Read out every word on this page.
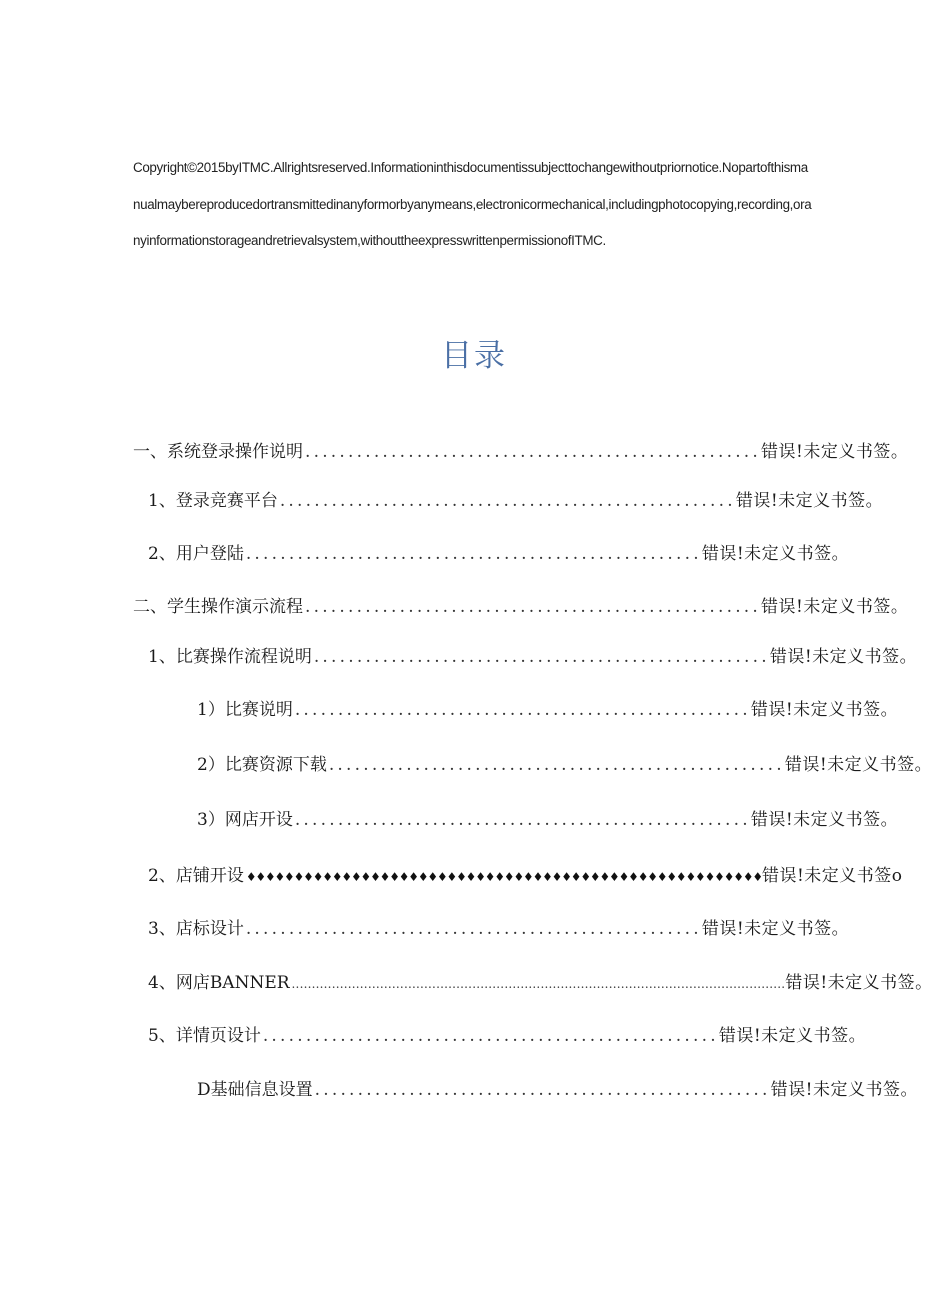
Copyright©2015byITMC.Allrightsreserved.Informationinthisdocumentissubjecttochangewithoutpriornotice.Nopartofthismanualmaybereproducedortransmittedinanyformorbyanymeans,electronicormechanical,includingphotocopying,recording,oranyinformationstorageandretrievalsystem,withouttheexpresswrittenpermissionofITMC.
目录
一、系统登录操作说明 ..................................................... 错误!未定义书签。
1、登录竞赛平台 ..................................................... 错误!未定义书签。
2、用户登陆 ..................................................... 错误!未定义书签。
二、学生操作演示流程 ..................................................... 错误!未定义书签。
1、比赛操作流程说明 ..................................................... 错误!未定义书签。
1）比赛说明 ..................................................... 错误!未定义书签。
2）比赛资源下载 ..................................................... 错误!未定义书签。
3）网店开设 ..................................................... 错误!未定义书签。
2、店铺开设 ♦♦♦♦♦♦♦♦♦♦♦♦♦♦♦♦♦♦♦♦♦♦♦♦♦♦♦♦♦♦♦♦♦♦♦♦♦♦♦♦♦♦♦♦♦♦♦♦♦♦♦♦♦♦ 错误!未定义书签o
3、店标设计 ..................................................... 错误!未定义书签。
4、网店BANNER ........................................................................................................................... 错误!未定义书签。
5、详情页设计 ..................................................... 错误!未定义书签。
D基础信息设置 ..................................................... 错误!未定义书签。
